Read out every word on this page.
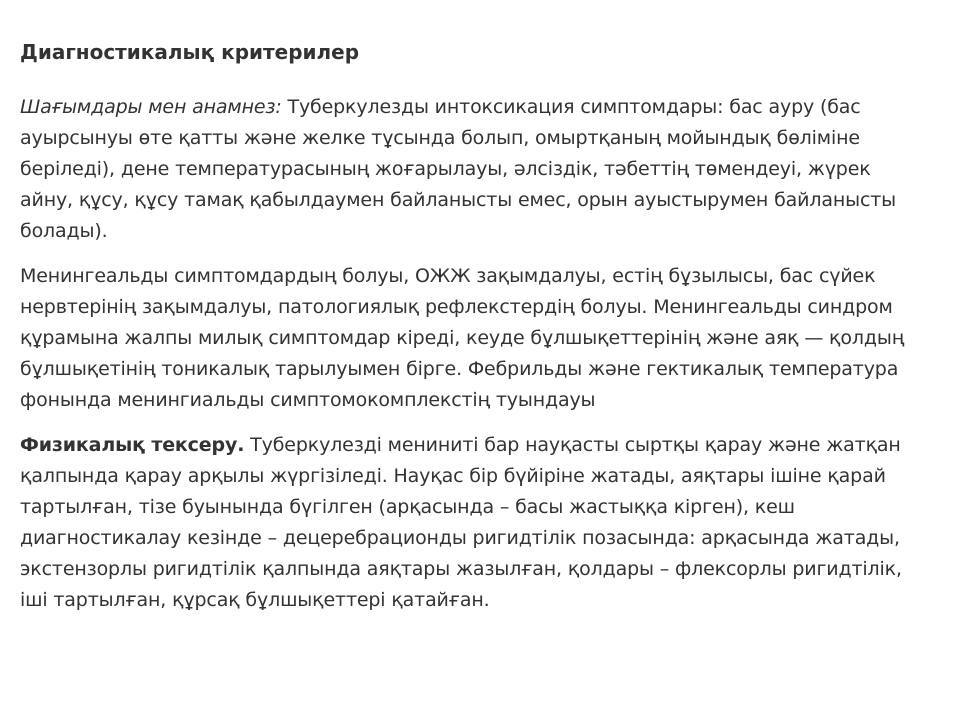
Диагностикалық критерилер

Шағымдары мен анамнез: Туберкулезды интоксикация симптомдары: бас ауру (бас ауырсынуы өте қатты және желке тұсында болып, омыртқаның мойындық бөліміне беріледі), дене температурасының жоғарылауы, әлсіздік, тәбеттің төмендеуі, жүрек айну, құсу, құсу тамақ қабылдаумен байланысты емес, орын ауыстырумен байланысты болады).

Менингеальды симптомдардың болуы, ОЖЖ зақымдалуы, естің бұзылысы, бас сүйек нервтерінің зақымдалуы, патологиялық рефлекстердің болуы. Менингеальды синдром құрамына жалпы милық симптомдар кіреді, кеуде бұлшықеттерінің және аяқ — қолдың бұлшықетінің тоникалық тарылуымен бірге. Фебрильды және гектикалық температура фонында менингиальды симптомокомплекстің туындауы

Физикалық тексеру. Туберкулезді мениниті бар науқасты сыртқы қарау және жатқан қалпында қарау арқылы жүргізіледі. Науқас бір бүйіріне жатады, аяқтары ішіне қарай тартылған, тізе буынында бүгілген (арқасында – басы жастыққа кірген), кеш диагностикалау кезінде – децеребрационды ригидтілік позасында: арқасында жатады, экстензорлы ригидтілік қалпында аяқтары жазылған, қолдары – флексорлы ригидтілік, іші тартылған, құрсақ бұлшықеттері қатайған.
